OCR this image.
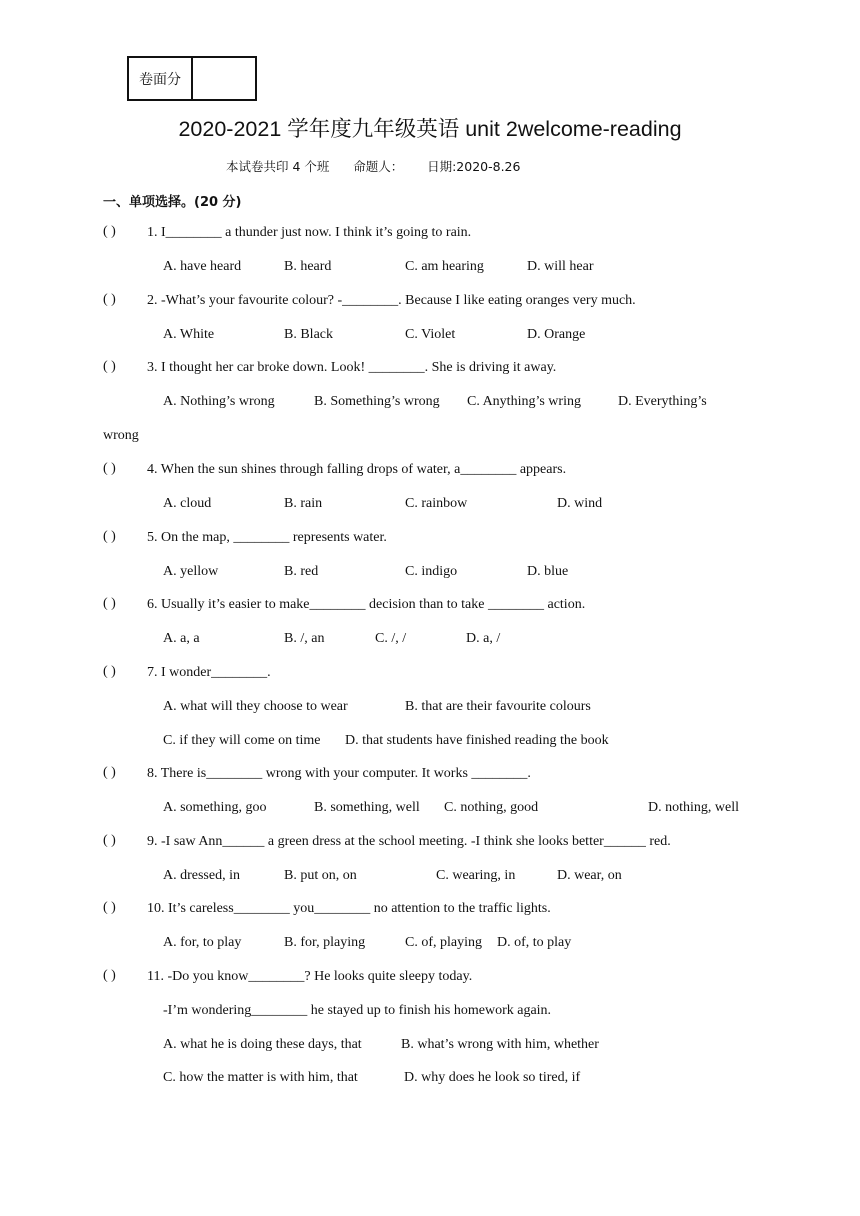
卷面分
2020-2021 学年度九年级英语 unit 2welcome-reading
本试卷共印 4 个班      命题人：      日期:2020-8.26
一、单项选择。(20 分)
( ) 1. I________ a thunder just now. I think it’s going to rain.
A. have heard	B. heard	C. am hearing	D. will hear
( ) 2. -What’s your favourite colour? -________. Because I like eating oranges very much.
A. White	B. Black	C. Violet	D. Orange
( ) 3. I thought her car broke down. Look! ________. She is driving it away.
A. Nothing’s wrong	B. Something’s wrong C. Anything’s wring	D. Everything’s
wrong
( ) 4. When the sun shines through falling drops of water, a________ appears.
A. cloud	B. rain	C. rainbow	D. wind
( ) 5. On the map, ________ represents water.
A. yellow	B. red	C. indigo	D. blue
( ) 6. Usually it’s easier to make________ decision than to take ________ action.
A. a, a	B. /, an	C. /, /	D. a, /
( ) 7. I wonder________.
A. what will they choose to wear	B. that are their favourite colours
C. if they will come on time D. that students have finished reading the book
( ) 8. There is________ wrong with your computer. It works ________.
A. something, goo	B. something, well C. nothing, good	D. nothing, well
( ) 9. -I saw Ann______ a green dress at the school meeting. -I think she looks better______ red.
A. dressed, in	B. put on, on	C. wearing, in	D. wear, on
( ) 10. It’s careless________ you________ no attention to the traffic lights.
A. for, to play	B. for, playing	C. of, playing D. of, to play
( ) 11. -Do you know________? He looks quite sleepy today.
-I’m wondering________ he stayed up to finish his homework again.
A. what he is doing these days, that	B. what’s wrong with him, whether
C. how the matter is with him, that	D. why does he look so tired, if
